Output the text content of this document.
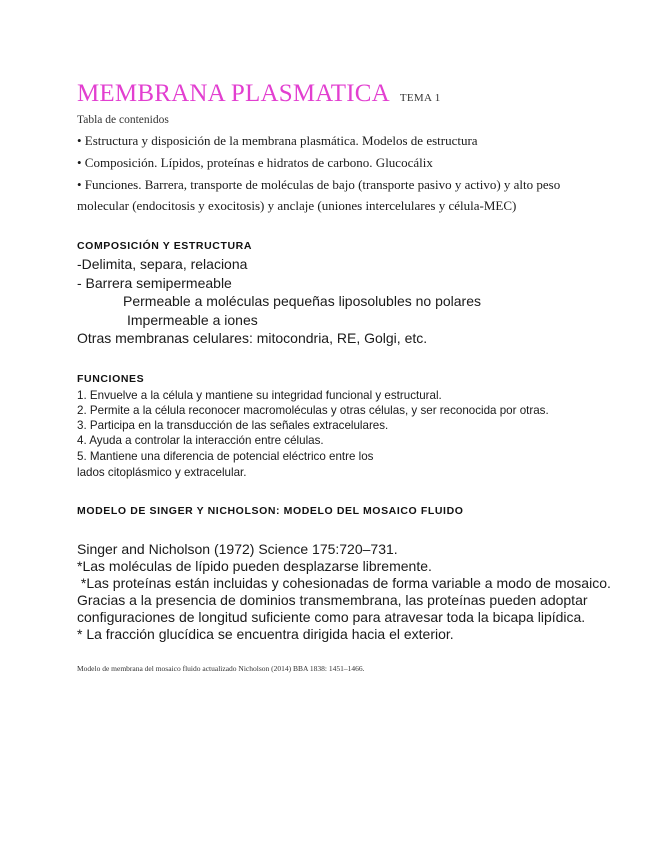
MEMBRANA PLASMATICA TEMA 1
Tabla de contenidos
• Estructura y disposición de la membrana plasmática. Modelos de estructura
• Composición. Lípidos, proteínas e hidratos de carbono. Glucocálix
• Funciones. Barrera, transporte de moléculas de bajo (transporte pasivo y activo) y alto peso
molecular (endocitosis y exocitosis) y anclaje (uniones intercelulares y célula-MEC)
COMPOSICIÓN Y ESTRUCTURA
-Delimita, separa, relaciona
- Barrera semipermeable
Permeable a moléculas pequeñas liposolubles no polares
Impermeable a iones
Otras membranas celulares: mitocondria, RE, Golgi, etc.
FUNCIONES
1. Envuelve a la célula y mantiene su integridad funcional y estructural.
2. Permite a la célula reconocer macromoléculas y otras células, y ser reconocida por otras.
3. Participa en la transducción de las señales extracelulares.
4. Ayuda a controlar la interacción entre células.
5. Mantiene una diferencia de potencial eléctrico entre los
lados citoplásmico y extracelular.
MODELO DE SINGER Y NICHOLSON: MODELO DEL MOSAICO FLUIDO
Singer and Nicholson (1972) Science 175:720–731.
*Las moléculas de lípido pueden desplazarse libremente.
*Las proteínas están incluidas y cohesionadas de forma variable a modo de mosaico.
Gracias a la presencia de dominios transmembrana, las proteínas pueden adoptar
configuraciones de longitud suficiente como para atravesar toda la bicapa lipídica.
* La fracción glucídica se encuentra dirigida hacia el exterior.
Modelo de membrana del mosaico fluido actualizado Nicholson (2014) BBA 1838: 1451–1466.
